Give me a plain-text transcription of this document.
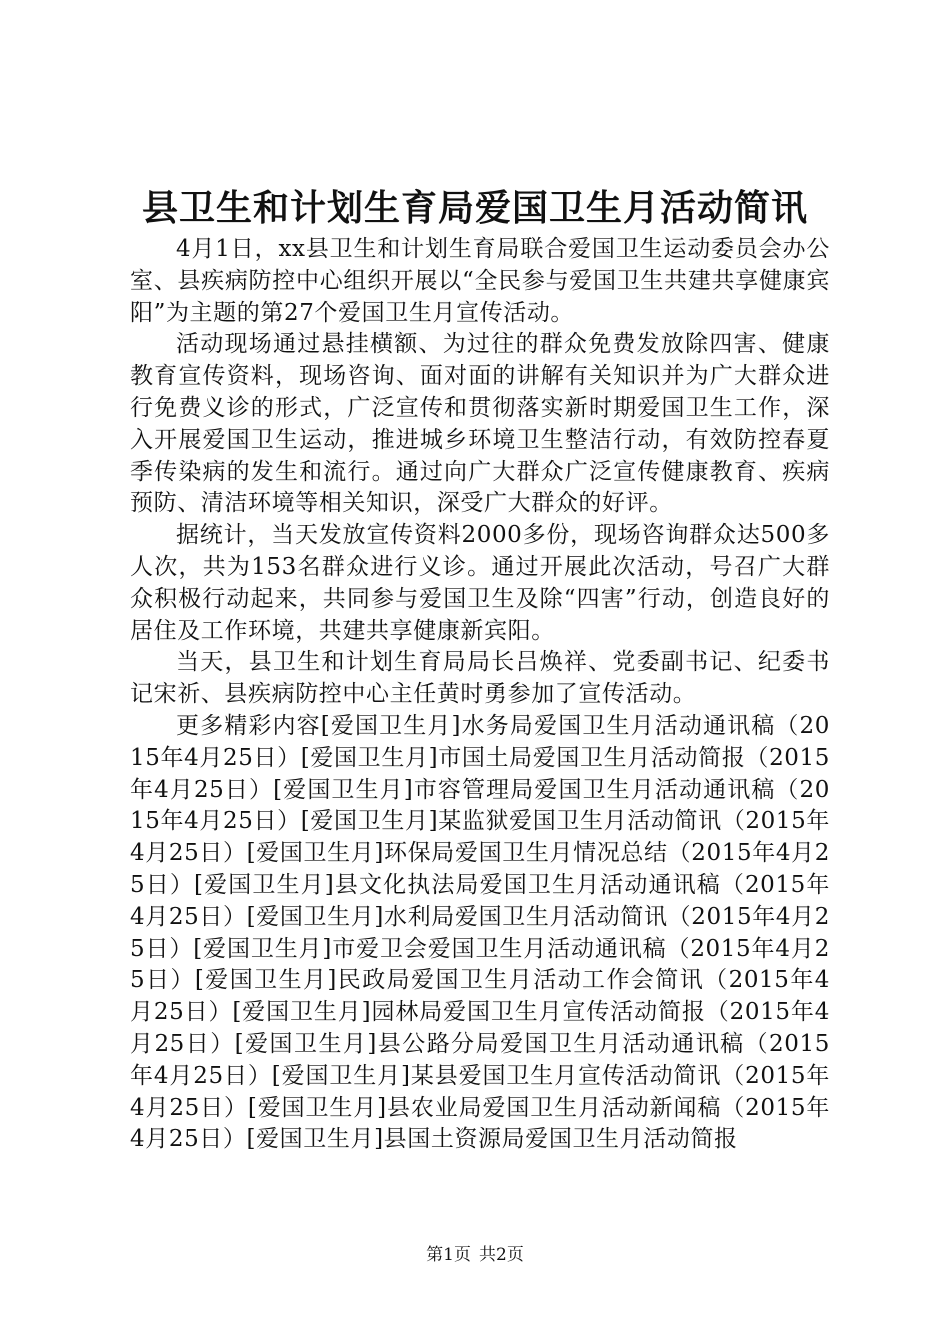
县卫生和计划生育局爱国卫生月活动简讯

4月1日，xx县卫生和计划生育局联合爱国卫生运动委员会办公室、县疾病防控中心组织开展以“全民参与爱国卫生共建共享健康宾阳”为主题的第27个爱国卫生月宣传活动。

活动现场通过悬挂横额、为过往的群众免费发放除四害、健康教育宣传资料，现场咨询、面对面的讲解有关知识并为广大群众进行免费义诊的形式，广泛宣传和贯彻落实新时期爱国卫生工作，深入开展爱国卫生运动，推进城乡环境卫生整洁行动，有效防控春夏季传染病的发生和流行。通过向广大群众广泛宣传健康教育、疾病预防、清洁环境等相关知识，深受广大群众的好评。

据统计，当天发放宣传资料2000多份，现场咨询群众达500多人次，共为153名群众进行义诊。通过开展此次活动，号召广大群众积极行动起来，共同参与爱国卫生及除“四害”行动，创造良好的居住及工作环境，共建共享健康新宾阳。

当天，县卫生和计划生育局局长吕焕祥、党委副书记、纪委书记宋祈、县疾病防控中心主任黄时勇参加了宣传活动。

更多精彩内容[爱国卫生月]水务局爱国卫生月活动通讯稿（2015年4月25日）[爱国卫生月]市国土局爱国卫生月活动简报（2015年4月25日）[爱国卫生月]市容管理局爱国卫生月活动通讯稿（2015年4月25日）[爱国卫生月]某监狱爱国卫生月活动简讯（2015年4月25日）[爱国卫生月]环保局爱国卫生月情况总结（2015年4月25日）[爱国卫生月]县文化执法局爱国卫生月活动通讯稿（2015年4月25日）[爱国卫生月]水利局爱国卫生月活动简讯（2015年4月25日）[爱国卫生月]市爱卫会爱国卫生月活动通讯稿（2015年4月25日）[爱国卫生月]民政局爱国卫生月活动工作会简讯（2015年4月25日）[爱国卫生月]园林局爱国卫生月宣传活动简报（2015年4月25日）[爱国卫生月]县公路分局爱国卫生月活动通讯稿（2015年4月25日）[爱国卫生月]某县爱国卫生月宣传活动简讯（2015年4月25日）[爱国卫生月]县农业局爱国卫生月活动新闻稿（2015年4月25日）[爱国卫生月]县国土资源局爱国卫生月活动简报

第1页 共2页
